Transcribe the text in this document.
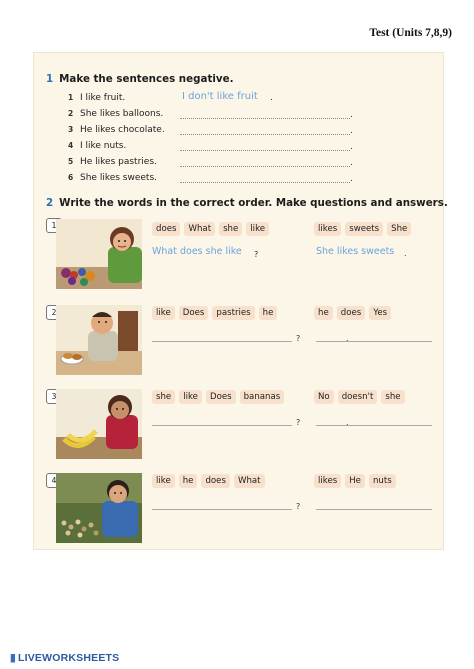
Test (Units 7,8,9)
1 Make the sentences negative.
1 I like fruit.	I don't like fruit	.
2 She likes balloons.	.
3 He likes chocolate.	.
4 I like nuts.	.
5 He likes pastries.	.
6 She likes sweets.	.
2 Write the words in the correct order. Make questions and answers.
1	does	What	she	like	likes	sweets	She
What does she like	?	She likes sweets	.
2	like	Does	pastries	he	he	does	Yes
?	.
3	she	like	Does	bananas	No	doesn't	she
?	.
4	like	he	does	What	likes	He	nuts
?
▮ LIVEWORKSHEETS
